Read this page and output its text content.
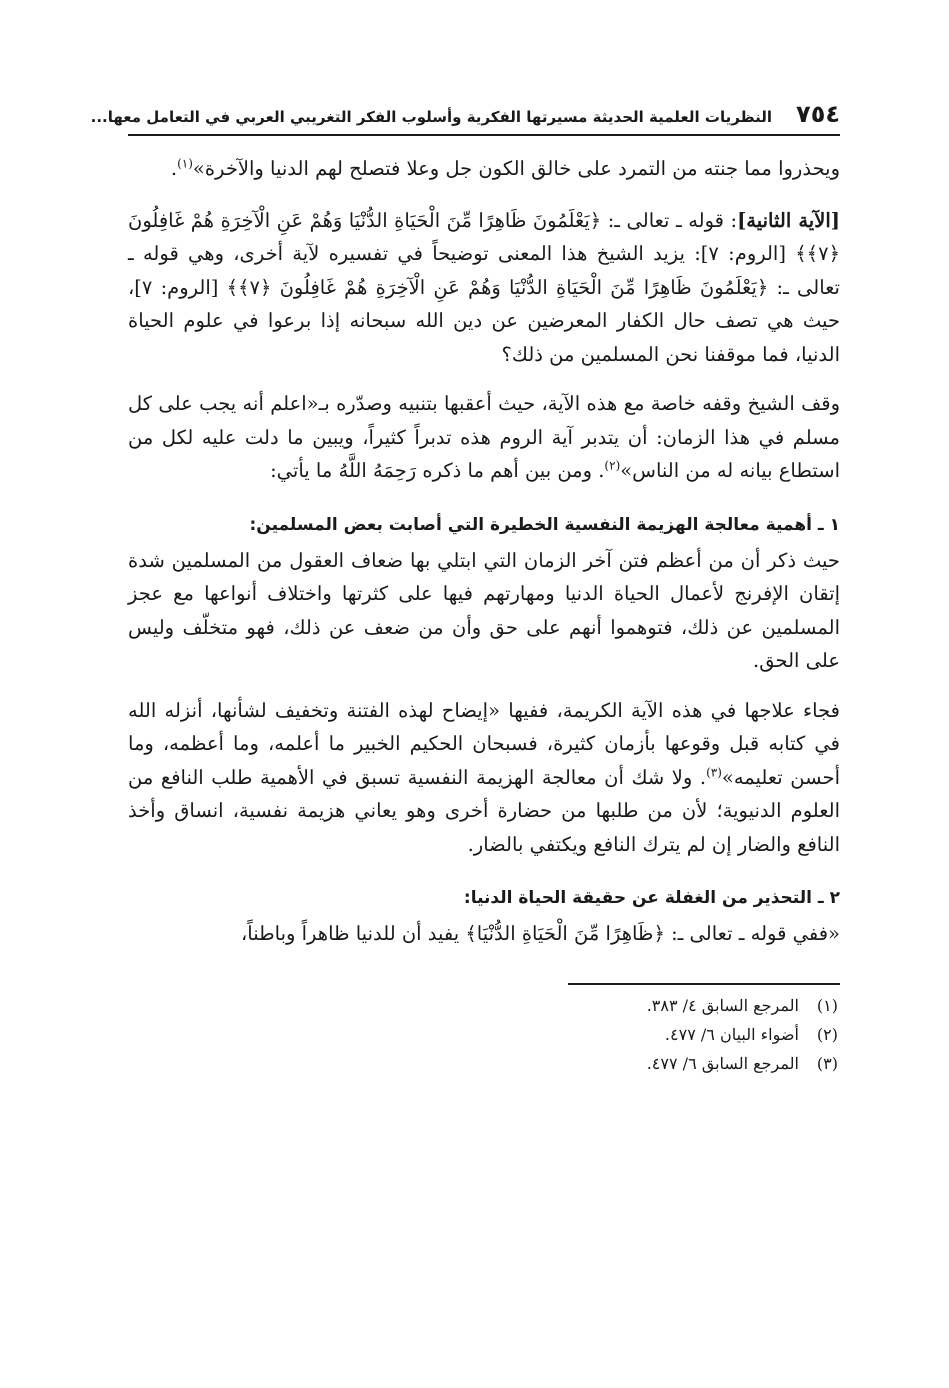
٧٥٤
النظريات العلمية الحديثة مسيرتها الفكرية وأسلوب الفكر التغريبي العربي في التعامل معها...

ويحذروا مما جنته من التمرد على خالق الكون جل وعلا فتصلح لهم الدنيا والآخرة»$^{(١)}$.

[الآية الثانية]: قوله ـ تعالى ـ: ﴿يَعْلَمُونَ ظَاهِرًا مِّنَ الْحَيَاةِ الدُّنْيَا وَهُمْ عَنِ الْآخِرَةِ هُمْ غَافِلُونَ ﴿٧﴾﴾ [الروم: ٧]: يزيد الشيخ هذا المعنى توضيحاً في تفسيره لآية أخرى، وهي قوله ـ تعالى ـ: ﴿يَعْلَمُونَ ظَاهِرًا مِّنَ الْحَيَاةِ الدُّنْيَا وَهُمْ عَنِ الْآخِرَةِ هُمْ غَافِلُونَ ﴿٧﴾﴾ [الروم: ٧]، حيث هي تصف حال الكفار المعرضين عن دين الله سبحانه إذا برعوا في علوم الحياة الدنيا، فما موقفنا نحن المسلمين من ذلك؟

وقف الشيخ وقفه خاصة مع هذه الآية، حيث أعقبها بتنبيه وصدّره بـ«اعلم أنه يجب على كل مسلم في هذا الزمان: أن يتدبر آية الروم هذه تدبراً كثيراً، ويبين ما دلت عليه لكل من استطاع بيانه له من الناس»$^{(٢)}$. ومن بين أهم ما ذكره رَحِمَهُ اللَّهُ ما يأتي:

١ ـ أهمية معالجة الهزيمة النفسية الخطيرة التي أصابت بعض المسلمين:

حيث ذكر أن من أعظم فتن آخر الزمان التي ابتلي بها ضعاف العقول من المسلمين شدة إتقان الإفرنج لأعمال الحياة الدنيا ومهارتهم فيها على كثرتها واختلاف أنواعها مع عجز المسلمين عن ذلك، فتوهموا أنهم على حق وأن من ضعف عن ذلك، فهو متخلّف وليس على الحق.

فجاء علاجها في هذه الآية الكريمة، ففيها «إيضاح لهذه الفتنة وتخفيف لشأنها، أنزله الله في كتابه قبل وقوعها بأزمان كثيرة، فسبحان الحكيم الخبير ما أعلمه، وما أعظمه، وما أحسن تعليمه»$^{(٣)}$. ولا شك أن معالجة الهزيمة النفسية تسبق في الأهمية طلب النافع من العلوم الدنيوية؛ لأن من طلبها من حضارة أخرى وهو يعاني هزيمة نفسية، انساق وأخذ النافع والضار إن لم يترك النافع ويكتفي بالضار.

٢ ـ التحذير من الغفلة عن حقيقة الحياة الدنيا:

«ففي قوله ـ تعالى ـ: ﴿ظَاهِرًا مِّنَ الْحَيَاةِ الدُّنْيَا﴾ يفيد أن للدنيا ظاهراً وباطناً،

(١)
المرجع السابق ٤/ ٣٨٣.
(٢)
أضواء البيان ٦/ ٤٧٧.
(٣)
المرجع السابق ٦/ ٤٧٧.
